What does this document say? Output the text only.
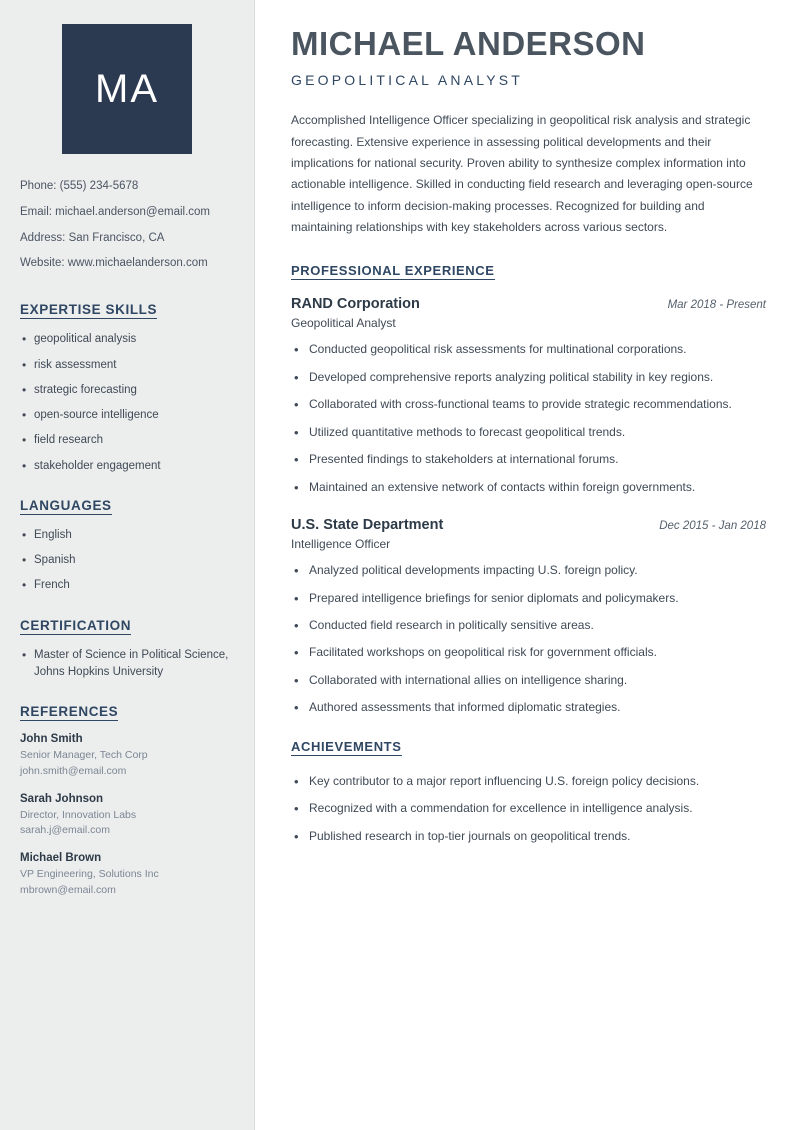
MA
Phone: (555) 234-5678
Email: michael.anderson@email.com
Address: San Francisco, CA
Website: www.michaelanderson.com
EXPERTISE SKILLS
• geopolitical analysis
• risk assessment
• strategic forecasting
• open-source intelligence
• field research
• stakeholder engagement
LANGUAGES
• English
• Spanish
• French
CERTIFICATION
• Master of Science in Political Science, Johns Hopkins University
REFERENCES
John Smith
Senior Manager, Tech Corp
john.smith@email.com
Sarah Johnson
Director, Innovation Labs
sarah.j@email.com
Michael Brown
VP Engineering, Solutions Inc
mbrown@email.com
MICHAEL ANDERSON
GEOPOLITICAL ANALYST

Accomplished Intelligence Officer specializing in geopolitical risk analysis and strategic forecasting. Extensive experience in assessing political developments and their implications for national security. Proven ability to synthesize complex information into actionable intelligence. Skilled in conducting field research and leveraging open-source intelligence to inform decision-making processes. Recognized for building and maintaining relationships with key stakeholders across various sectors.

PROFESSIONAL EXPERIENCE
RAND Corporation	Mar 2018 - Present
Geopolitical Analyst
• Conducted geopolitical risk assessments for multinational corporations.
• Developed comprehensive reports analyzing political stability in key regions.
• Collaborated with cross-functional teams to provide strategic recommendations.
• Utilized quantitative methods to forecast geopolitical trends.
• Presented findings to stakeholders at international forums.
• Maintained an extensive network of contacts within foreign governments.
U.S. State Department	Dec 2015 - Jan 2018
Intelligence Officer
• Analyzed political developments impacting U.S. foreign policy.
• Prepared intelligence briefings for senior diplomats and policymakers.
• Conducted field research in politically sensitive areas.
• Facilitated workshops on geopolitical risk for government officials.
• Collaborated with international allies on intelligence sharing.
• Authored assessments that informed diplomatic strategies.
ACHIEVEMENTS
• Key contributor to a major report influencing U.S. foreign policy decisions.
• Recognized with a commendation for excellence in intelligence analysis.
• Published research in top-tier journals on geopolitical trends.
